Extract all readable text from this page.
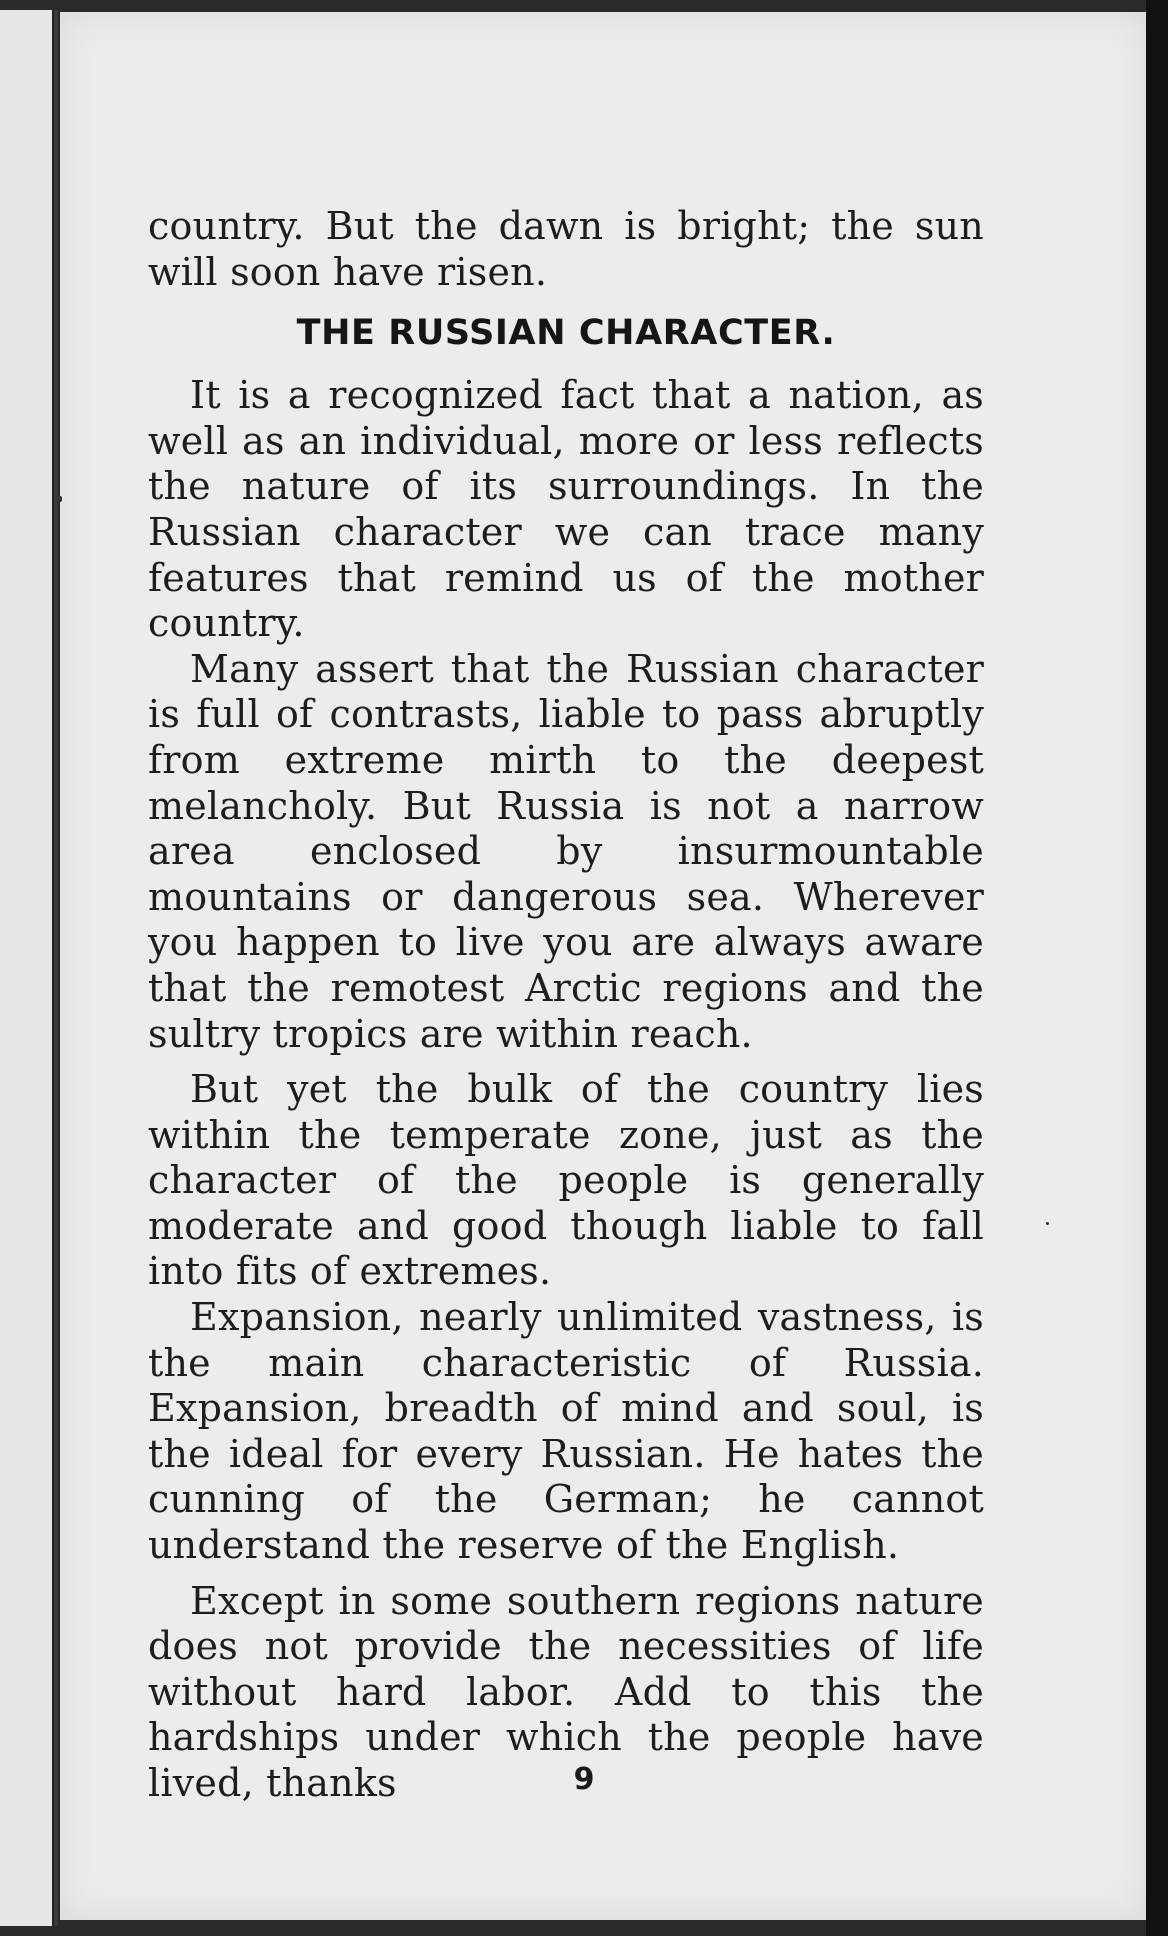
country. But the dawn is bright; the sun will soon have risen.

THE RUSSIAN CHARACTER.

It is a recognized fact that a nation, as well as an individual, more or less reflects the nature of its surroundings. In the Russian character we can trace many features that remind us of the mother country.

Many assert that the Russian character is full of contrasts, liable to pass abruptly from extreme mirth to the deepest melancholy. But Russia is not a narrow area enclosed by insurmountable mountains or dangerous sea. Wherever you happen to live you are always aware that the remotest Arctic regions and the sultry tropics are within reach.

But yet the bulk of the country lies within the temperate zone, just as the character of the people is generally moderate and good though liable to fall into fits of extremes.

Expansion, nearly unlimited vastness, is the main characteristic of Russia. Expansion, breadth of mind and soul, is the ideal for every Russian. He hates the cunning of the German; he cannot understand the reserve of the English.

Except in some southern regions nature does not provide the necessities of life without hard labor. Add to this the hardships under which the people have lived, thanks	9
